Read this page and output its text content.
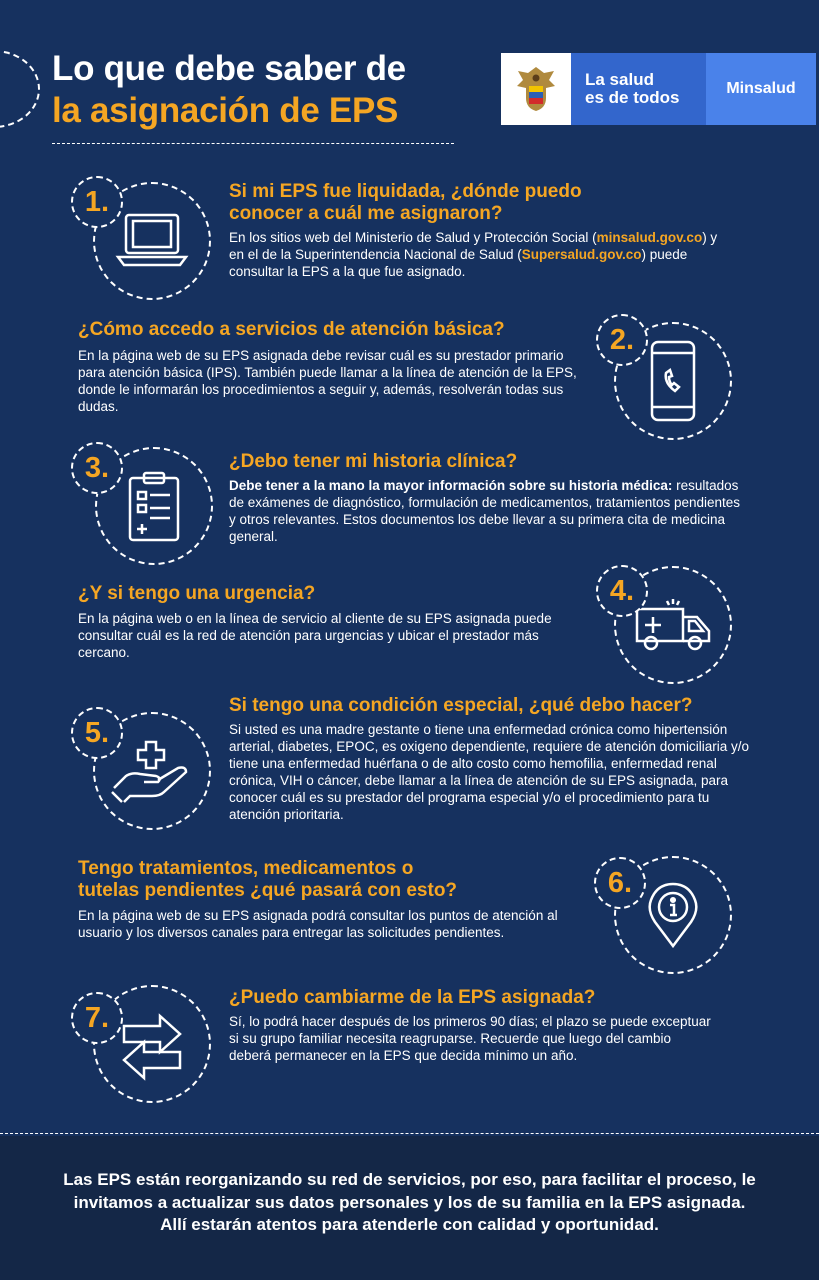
Lo que debe saber de
la asignación de EPS
La salud
es de todos	Minsalud
1.	Si mi EPS fue liquidada, ¿dónde puedo
conocer a cuál me asignaron?

En los sitios web del Ministerio de Salud y Protección Social (minsalud.gov.co) y en el de la Superintendencia Nacional de Salud (Supersalud.gov.co) puede consultar la EPS a la que fue asignado.

¿Cómo accedo a servicios de atención básica?

En la página web de su EPS asignada debe revisar cuál es su prestador primario para atención básica (IPS). También puede llamar a la línea de atención de la EPS, donde le informarán los procedimientos a seguir y, además, resolverán todas sus dudas.

2.
3.	¿Debo tener mi historia clínica?

Debe tener a la mano la mayor información sobre su historia médica: resultados de exámenes de diagnóstico, formulación de medicamentos, tratamientos pendientes y otros relevantes. Estos documentos los debe llevar a su primera cita de medicina general.

¿Y si tengo una urgencia?

En la página web o en la línea de servicio al cliente de su EPS asignada puede consultar cuál es la red de atención para urgencias y ubicar el prestador más cercano.

4.
5.
Si tengo una condición especial, ¿qué debo hacer?

Si usted es una madre gestante o tiene una enfermedad crónica como hipertensión arterial, diabetes, EPOC, es oxigeno dependiente, requiere de atención domiciliaria y/o tiene una enfermedad huérfana o de alto costo como hemofilia, enfermedad renal crónica, VIH o cáncer, debe llamar a la línea de atención de su EPS asignada, para conocer cuál es su prestador del programa especial y/o el procedimiento para tu atención prioritaria.

Tengo tratamientos, medicamentos o
tutelas pendientes ¿qué pasará con esto?

En la página web de su EPS asignada podrá consultar los puntos de atención al usuario y los diversos canales para entregar las solicitudes pendientes.

6.
7.
¿Puedo cambiarme de la EPS asignada?

Sí, lo podrá hacer después de los primeros 90 días; el plazo se puede exceptuar si su grupo familiar necesita reagruparse. Recuerde que luego del cambio deberá permanecer en la EPS que decida mínimo un año.

Las EPS están reorganizando su red de servicios, por eso, para facilitar el proceso, le invitamos a actualizar sus datos personales y los de su familia en la EPS asignada. Allí estarán atentos para atenderle con calidad y oportunidad.
